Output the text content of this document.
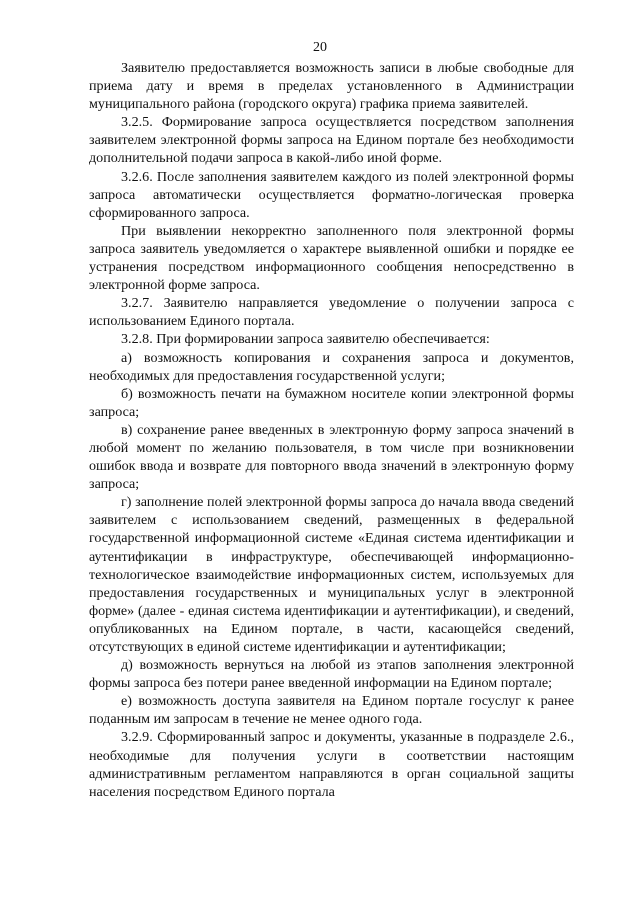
20

Заявителю предоставляется возможность записи в любые свободные для приема дату и время в пределах установленного в Администрации муниципального района (городского округа) графика приема заявителей.

3.2.5. Формирование запроса осуществляется посредством заполнения заявителем электронной формы запроса на Едином портале без необходимости дополнительной подачи запроса в какой-либо иной форме.

3.2.6. После заполнения заявителем каждого из полей электронной формы запроса автоматически осуществляется форматно-логическая проверка сформированного запроса.

При выявлении некорректно заполненного поля электронной формы запроса заявитель уведомляется о характере выявленной ошибки и порядке ее устранения посредством информационного сообщения непосредственно в электронной форме запроса.

3.2.7. Заявителю направляется уведомление о получении запроса с использованием Единого портала.

3.2.8. При формировании запроса заявителю обеспечивается:

а) возможность копирования и сохранения запроса и документов, необходимых для предоставления государственной услуги;

б) возможность печати на бумажном носителе копии электронной формы запроса;

в) сохранение ранее введенных в электронную форму запроса значений в любой момент по желанию пользователя, в том числе при возникновении ошибок ввода и возврате для повторного ввода значений в электронную форму запроса;

г) заполнение полей электронной формы запроса до начала ввода сведений заявителем с использованием сведений, размещенных в федеральной государственной информационной системе «Единая система идентификации и аутентификации в инфраструктуре, обеспечивающей информационно-технологическое взаимодействие информационных систем, используемых для предоставления государственных и муниципальных услуг в электронной форме» (далее - единая система идентификации и аутентификации), и сведений, опубликованных на Едином портале, в части, касающейся сведений, отсутствующих в единой системе идентификации и аутентификации;

д) возможность вернуться на любой из этапов заполнения электронной формы запроса без потери ранее введенной информации на Едином портале;

е) возможность доступа заявителя на Едином портале госуслуг к ранее поданным им запросам в течение не менее одного года.

3.2.9. Сформированный запрос и документы, указанные в подразделе 2.6., необходимые для получения услуги в соответствии настоящим административным регламентом направляются в орган социальной защиты населения посредством Единого портала
